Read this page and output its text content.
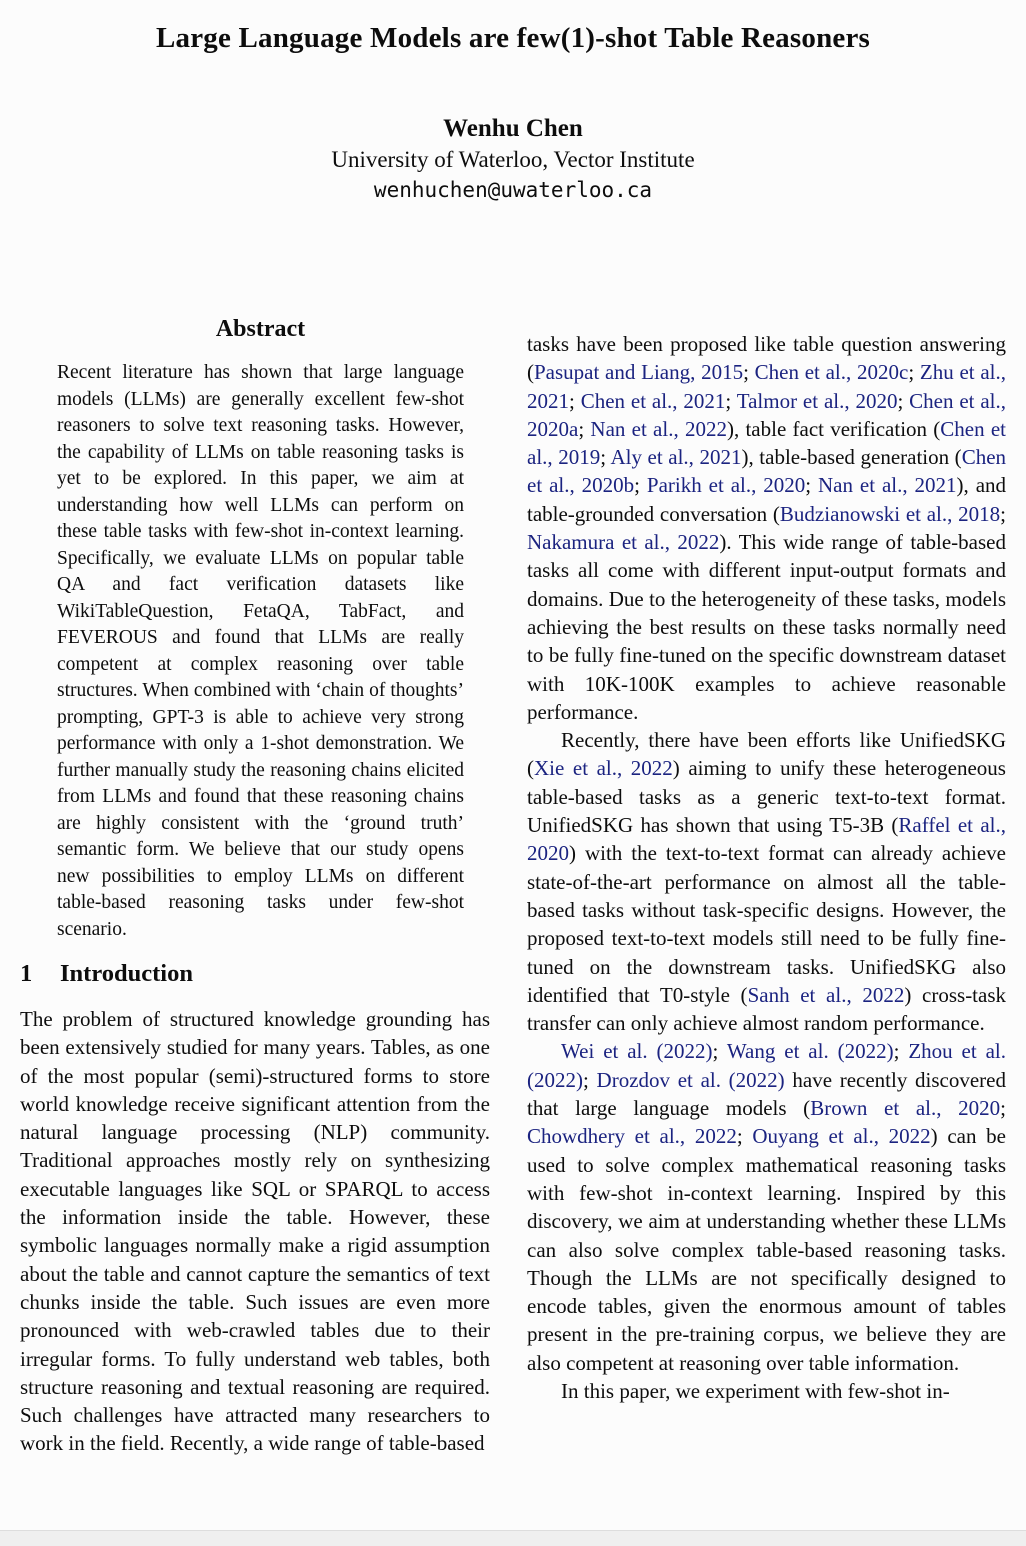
Large Language Models are few(1)-shot Table Reasoners
Wenhu Chen
University of Waterloo, Vector Institute
wenhuchen@uwaterloo.ca
Abstract

Recent literature has shown that large language models (LLMs) are generally excellent few-shot reasoners to solve text reasoning tasks. However, the capability of LLMs on table reasoning tasks is yet to be explored. In this paper, we aim at understanding how well LLMs can perform on these table tasks with few-shot in-context learning. Specifically, we evaluate LLMs on popular table QA and fact verification datasets like WikiTableQuestion, FetaQA, TabFact, and FEVEROUS and found that LLMs are really competent at complex reasoning over table structures. When combined with ‘chain of thoughts’ prompting, GPT-3 is able to achieve very strong performance with only a 1-shot demonstration. We further manually study the reasoning chains elicited from LLMs and found that these reasoning chains are highly consistent with the ‘ground truth’ semantic form. We believe that our study opens new possibilities to employ LLMs on different table-based reasoning tasks under few-shot scenario.

1 Introduction

The problem of structured knowledge grounding has been extensively studied for many years. Tables, as one of the most popular (semi)-structured forms to store world knowledge receive significant attention from the natural language processing (NLP) community. Traditional approaches mostly rely on synthesizing executable languages like SQL or SPARQL to access the information inside the table. However, these symbolic languages normally make a rigid assumption about the table and cannot capture the semantics of text chunks inside the table. Such issues are even more pronounced with web-crawled tables due to their irregular forms. To fully understand web tables, both structure reasoning and textual reasoning are required. Such challenges have attracted many researchers to work in the field. Recently, a wide range of table-based

tasks have been proposed like table question answering (Pasupat and Liang, 2015; Chen et al., 2020c; Zhu et al., 2021; Chen et al., 2021; Talmor et al., 2020; Chen et al., 2020a; Nan et al., 2022), table fact verification (Chen et al., 2019; Aly et al., 2021), table-based generation (Chen et al., 2020b; Parikh et al., 2020; Nan et al., 2021), and table-grounded conversation (Budzianowski et al., 2018; Nakamura et al., 2022). This wide range of table-based tasks all come with different input-output formats and domains. Due to the heterogeneity of these tasks, models achieving the best results on these tasks normally need to be fully fine-tuned on the specific downstream dataset with 10K-100K examples to achieve reasonable performance.

Recently, there have been efforts like UnifiedSKG (Xie et al., 2022) aiming to unify these heterogeneous table-based tasks as a generic text-to-text format. UnifiedSKG has shown that using T5-3B (Raffel et al., 2020) with the text-to-text format can already achieve state-of-the-art performance on almost all the table-based tasks without task-specific designs. However, the proposed text-to-text models still need to be fully fine-tuned on the downstream tasks. UnifiedSKG also identified that T0-style (Sanh et al., 2022) cross-task transfer can only achieve almost random performance.

Wei et al. (2022); Wang et al. (2022); Zhou et al. (2022); Drozdov et al. (2022) have recently discovered that large language models (Brown et al., 2020; Chowdhery et al., 2022; Ouyang et al., 2022) can be used to solve complex mathematical reasoning tasks with few-shot in-context learning. Inspired by this discovery, we aim at understanding whether these LLMs can also solve complex table-based reasoning tasks. Though the LLMs are not specifically designed to encode tables, given the enormous amount of tables present in the pre-training corpus, we believe they are also competent at reasoning over table information.

In this paper, we experiment with few-shot in-
